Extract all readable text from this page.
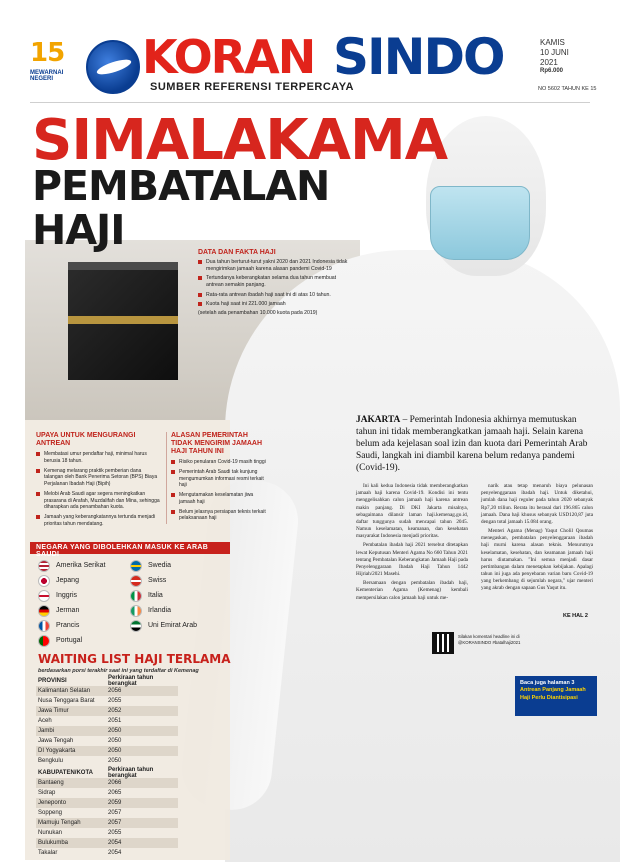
15
MEWARNAI NEGERI	KORAN SINDO
SUMBER REFERENSI TERPERCAYA
KAMIS
10 JUNI
2021
Rp6.000
NO 5602 TAHUN KE 15
SIMALAKAMA
PEMBATALAN
HAJI	DATA DAN FAKTA HAJI
Dua tahun berturut-turut yakni 2020 dan 2021 Indonesia tidak mengirimkan jamaah karena alasan pandemi Covid-19
Tertundanya keberangkatan selama dua tahun membuat antrean semakin panjang.
Rata-rata antrean ibadah haji saat ini di atas 10 tahun.
Kuota haji saat ini 221.000 jamaah
(setelah ada penambahan 10.000 kuota pada 2019)
UPAYA UNTUK MENGURANGI ANTREAN
Membatasi umur pendaftar haji, minimal harus berusia 18 tahun.
Kemenag melarang praktik pemberian dana talangan oleh Bank Penerima Setoran (BPS) Biaya Perjalanan Ibadah Haji (Bipih)
Melobi Arab Saudi agar segera meningkatkan prasarana di Arafah, Muzdalifah dan Mina, sehingga diharapkan ada penambahan kuota.
Jamaah yang keberangkatannya tertunda menjadi prioritas tahun mendatang.
ALASAN PEMERINTAH TIDAK MENGIRIM JAMAAH HAJI TAHUN INI
Risiko penularan Covid-19 masih tinggi
Pemerintah Arab Saudi tak kunjung mengumumkan informasi resmi terkait haji
Mengutamakan keselamatan jiwa jamaah haji
Belum jelasnya persiapan teknis terkait pelaksanaan haji
NEGARA YANG DIBOLEHKAN MASUK KE ARAB SAUDI
Amerika Serikat
Jepang
Inggris
Jerman
Prancis
Portugal
Swedia
Swiss
Italia
Irlandia
Uni Emirat Arab
WAITING LIST HAJI TERLAMA
berdasarkan porsi terakhir saat ini yang terdaftar di Kemenag
PROVINSI	Perkiraan tahun berangkat
Kalimantan Selatan	2056
Nusa Tenggara Barat	2055
Jawa Timur	2052
Aceh	2051
Jambi	2050
Jawa Tengah	2050
DI Yogyakarta	2050
Bengkulu	2050
KABUPATEN/KOTA	Perkiraan tahun berangkat
Bantaeng	2066
Sidrap	2065
Jeneponto	2059
Soppeng	2057
Mamuju Tengah	2057
Nunukan	2055
Bulukumba	2054
Takalar	2054
JAKARTA – Pemerintah Indonesia akhirnya memutuskan tahun ini tidak memberangkatkan jamaah haji. Selain karena belum ada kejelasan soal izin dan kuota dari Pemerintah Arab Saudi, langkah ini diambil karena belum redanya pandemi (Covid-19).

Ini kali kedua Indonesia tidak memberangkatkan jamaah haji karena Covid-19. Kondisi ini tentu menggelisahkan calon jamaah haji karena antrean makin panjang. Di DKI Jakarta misalnya, sebagaimana dilansir laman haji.kemenag.go.id, daftar tunggunya sudah mencapai tahun 2045. Namun keselamatan, keamanan, dan kesehatan masyarakat Indonesia menjadi prioritas.

Pembatalan ibadah haji 2021 tersebut ditetapkan lewat Keputusan Menteri Agama No 660 Tahun 2021 tentang Pembatalan Keberangkatan Jamaah Haji pada Penyelenggaraan Ibadah Haji Tahun 1442 Hijriah/2021 Masehi.

Bersamaan dengan pembatalan ibadah haji, Kementerian Agama (Kemenag) kembali mempersilakan calon jamaah haji untuk me-

narik atau tetap menaruh biaya pelunasan penyelenggaraan ibadah haji. Untuk diketahui, jumlah dana haji reguler pada tahun 2020 sebanyak Rp7,20 triliun. Rerata itu berasal dari 196.865 calon jamaah. Dana haji khusus sebanyak USD120,87 juta dengan total jamaah 15.084 orang.

Menteri Agama (Menag) Yaqut Cholil Qoumas menegaskan, pembatalan penyelenggaraan ibadah haji murni karena alasan teknis. Menurutnya keselamatan, kesehatan, dan keamanan jamaah haji harus diutamakan. "Ini semua menjadi dasar pertimbangan dalam menetapkan kebijakan. Apalagi tahun ini juga ada penyebaran varian baru Covid-19 yang berkembang di sejumlah negara," ujar menteri yang akrab dengan sapaan Gus Yaqut itu.

KE HAL 2
Silakan komentari headline ini di @KORANSINDO #batalhaji2021
Baca juga halaman 3
Antrean Panjang Jamaah Haji Perlu Diantisipasi
